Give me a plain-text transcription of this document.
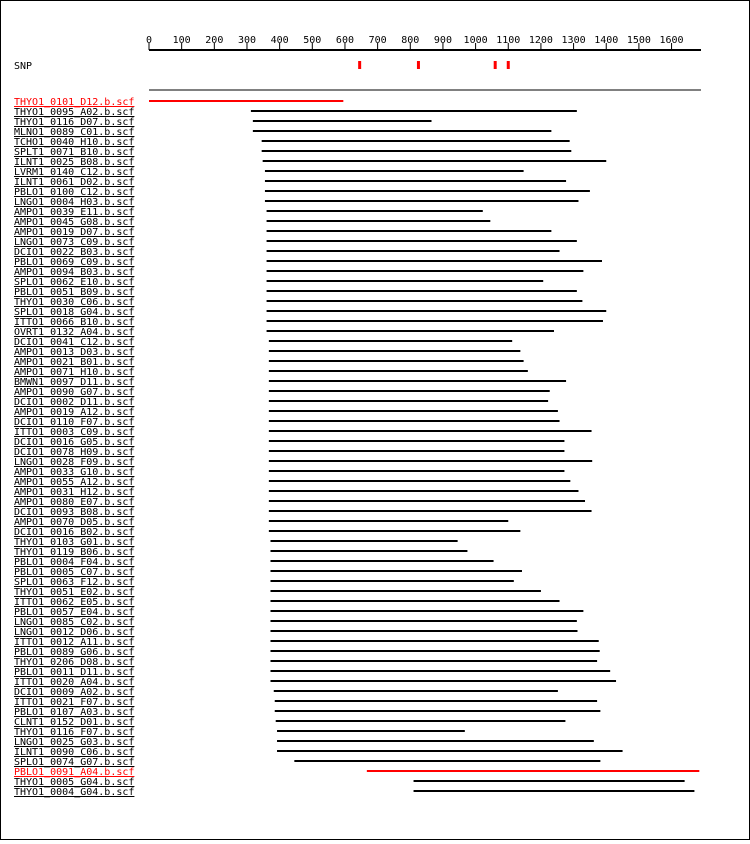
0 100 200 300 400 500 600 700 800 900 1000 1100 1200 1300 1400 1500 1600
SNP
THYO1_0101_D12.b.scf
THYO1_0095_A02.b.scf
THYO1_0116_D07.b.scf
MLNO1_0089_C01.b.scf
TCHO1_0040_H10.b.scf
SPLT1_0071_B10.b.scf
ILNT1_0025_B08.b.scf
LVRM1_0140_C12.b.scf
ILNT1_0061_D02.b.scf
PBLO1_0100_C12.b.scf
LNGO1_0004_H03.b.scf
AMPO1_0039_E11.b.scf
AMPO1_0045_G08.b.scf
AMPO1_0019_D07.b.scf
LNGO1_0073_C09.b.scf
DCIO1_0022_B03.b.scf
PBLO1_0069_C09.b.scf
AMPO1_0094_B03.b.scf
SPLO1_0062_E10.b.scf
PBLO1_0051_B09.b.scf
THYO1_0030_C06.b.scf
SPLO1_0018_G04.b.scf
ITTO1_0066_B10.b.scf
OVRT1_0132_A04.b.scf
DCIO1_0041_C12.b.scf
AMPO1_0013_D03.b.scf
AMPO1_0021_B01.b.scf
AMPO1_0071_H10.b.scf
BMWN1_0097_D11.b.scf
AMPO1_0090_G07.b.scf
DCIO1_0002_D11.b.scf
AMPO1_0019_A12.b.scf
DCIO1_0110_F07.b.scf
ITTO1_0003_C09.b.scf
DCIO1_0016_G05.b.scf
DCIO1_0078_H09.b.scf
LNGO1_0028_F09.b.scf
AMPO1_0033_G10.b.scf
AMPO1_0055_A12.b.scf
AMPO1_0031_H12.b.scf
AMPO1_0080_E07.b.scf
DCIO1_0093_B08.b.scf
AMPO1_0070_D05.b.scf
DCIO1_0016_B02.b.scf
THYO1_0103_G01.b.scf
THYO1_0119_B06.b.scf
PBLO1_0004_F04.b.scf
PBLO1_0005_C07.b.scf
SPLO1_0063_F12.b.scf
THYO1_0051_E02.b.scf
ITTO1_0062_E05.b.scf
PBLO1_0057_E04.b.scf
LNGO1_0085_C02.b.scf
LNGO1_0012_D06.b.scf
ITTO1_0012_A11.b.scf
PBLO1_0089_G06.b.scf
THYO1_0206_D08.b.scf
PBLO1_0011_D11.b.scf
ITTO1_0020_A04.b.scf
DCIO1_0009_A02.b.scf
ITTO1_0021_F07.b.scf
PBLO1_0107_A03.b.scf
CLNT1_0152_D01.b.scf
THYO1_0116_F07.b.scf
LNGO1_0025_G03.b.scf
ILNT1_0090_C06.b.scf
SPLO1_0074_G07.b.scf
PBLO1_0091_A04.b.scf
THYO1_0005_G04.b.scf
THYO1_0004_G04.b.scf
